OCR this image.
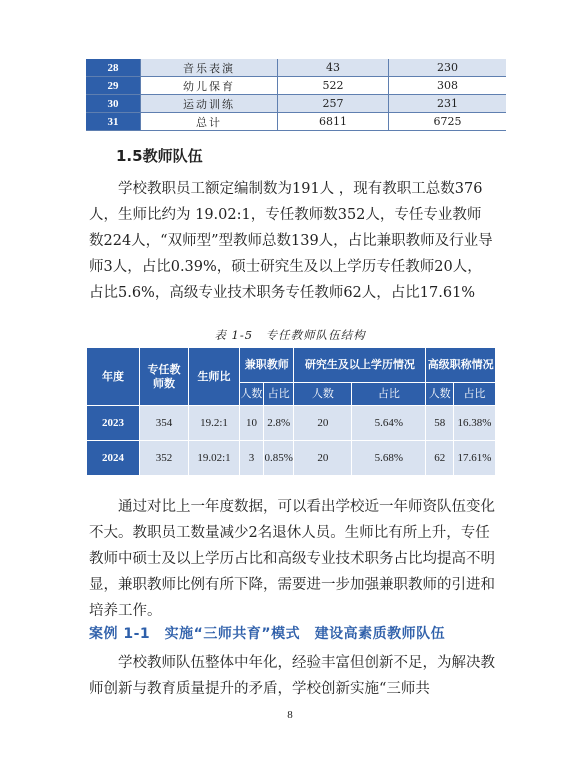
28	音乐表演	43	230
29	幼儿保育	522	308
30	运动训练	257	231
31	总计	6811	6725
1.5教师队伍

学校教职员工额定编制数为191人 ，现有教职工总数376人，生师比约为 19.02:1，专任教师数352人，专任专业教师数224人，“双师型”型教师总数139人，占比兼职教师及行业导师3人，占比0.39%，硕士研究生及以上学历专任教师20人，占比5.6%，高级专业技术职务专任教师62人，占比17.61%

表 1-5　专任教师队伍结构
年度	专任教师数	生师比	兼职教师		研究生及以上学历情况		高级职称情况	
			人数	占比	人数	占比	人数	占比
2023	354	19.2:1	10	2.8%	20	5.64%	58	16.38%
2024	352	19.02:1	3	0.85%	20	5.68%	62	17.61%

通过对比上一年度数据，可以看出学校近一年师资队伍变化不大。教职员工数量减少2名退休人员。生师比有所上升，专任教师中硕士及以上学历占比和高级专业技术职务占比均提高不明显，兼职教师比例有所下降，需要进一步加强兼职教师的引进和培养工作。

案例 1-1　实施“三师共育”模式　建设高素质教师队伍

学校教师队伍整体中年化，经验丰富但创新不足，为解决教师创新与教育质量提升的矛盾，学校创新实施“三师共

8
